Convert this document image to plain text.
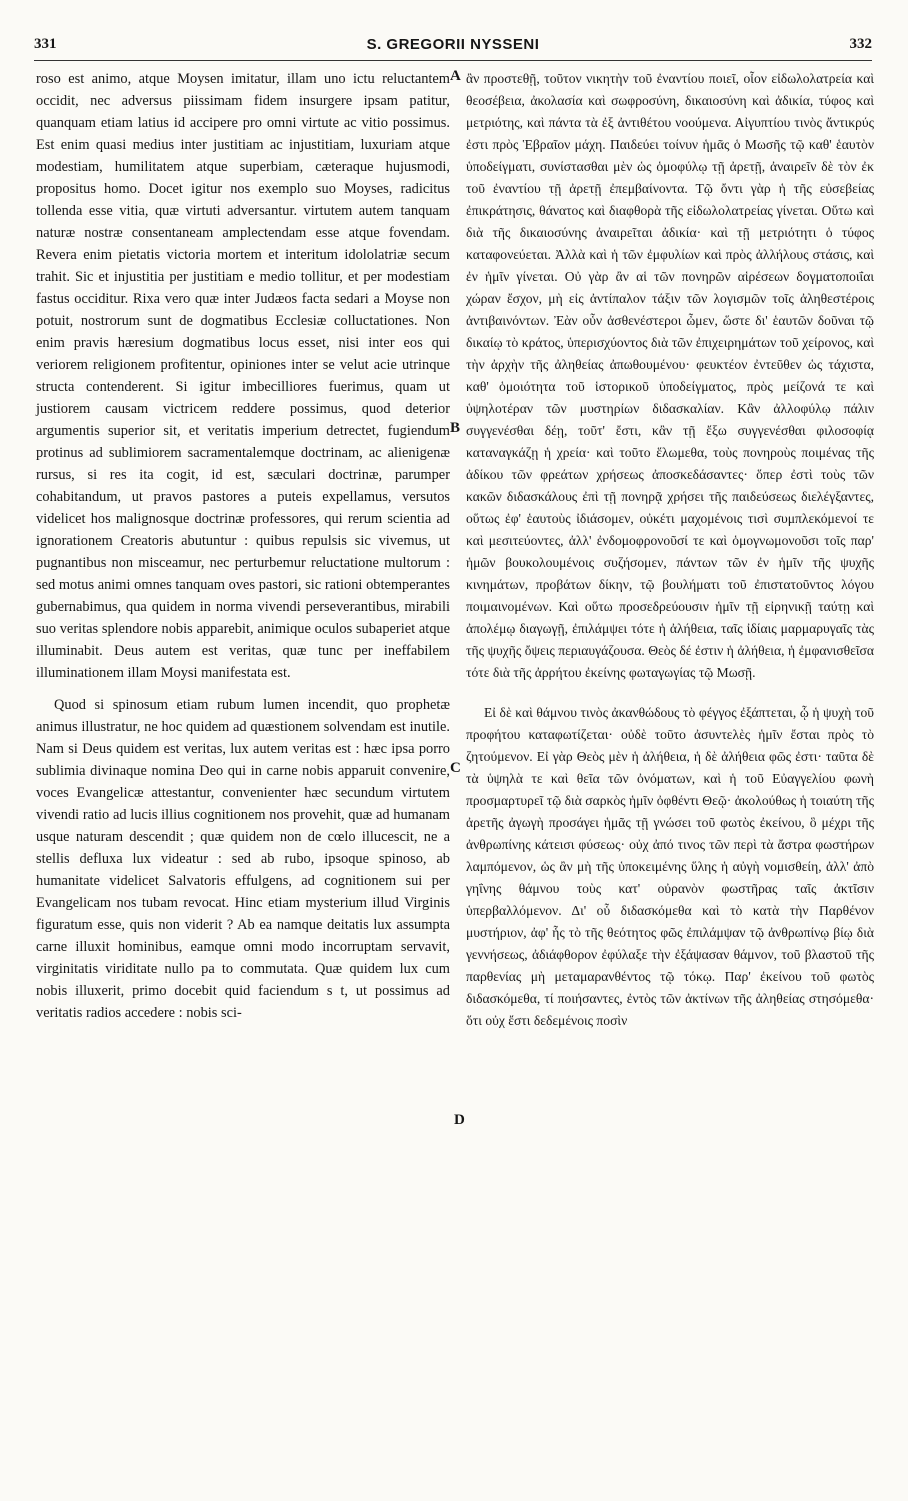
331	S. GREGORII NYSSENI	332

roso est animo, atque Moysen imitatur, illam uno ictu reluctantem occidit, nec adversus piissimam fidem insurgere ipsam patitur, quanquam etiam latius id accipere pro omni virtute ac vitio possimus. Est enim quasi medius inter justitiam ac injustitiam, luxuriam atque modestiam, humilitatem atque superbiam, cæteraque hujusmodi, propositus homo. Docet igitur nos exemplo suo Moyses, radicitus tollenda esse vitia, quæ virtuti adversantur. virtutem autem tanquam naturæ nostræ consentaneam amplectendam esse atque fovendam. Revera enim pietatis victoria mortem et interitum idololatriæ secum trahit. Sic et injustitia per justitiam e medio tollitur, et per modestiam fastus occiditur. Rixa vero quæ inter Judæos facta sedari a Moyse non potuit, nostrorum sunt de dogmatibus Ecclesiæ colluctationes. Non enim pravis hæresium dogmatibus locus esset, nisi inter eos qui veriorem religionem profitentur, opiniones inter se velut acie utrinque structa contenderent. Si igitur imbecilliores fuerimus, quam ut justiorem causam victricem reddere possimus, quod deterior argumentis superior sit, et veritatis imperium detrectet, fugiendum protinus ad sublimiorem sacramentalemque doctrinam, ac alienigenæ rursus, si res ita cogit, id est, sæculari doctrinæ, parumper cohabitandum, ut pravos pastores a puteis expellamus, versutos videlicet hos malignosque doctrinæ professores, qui rerum scientia ad ignorationem Creatoris abutuntur : quibus repulsis sic vivemus, ut pugnantibus non misceamur, nec perturbemur reluctatione multorum : sed motus animi omnes tanquam oves pastori, sic rationi obtemperantes gubernabimus, qua quidem in norma vivendi perseverantibus, mirabili suo veritas splendore nobis apparebit, animique oculos subaperiet atque illuminabit. Deus autem est veritas, quæ tunc per ineffabilem illuminationem illam Moysi manifestata est.

Quod si spinosum etiam rubum lumen incendit, quo prophetæ animus illustratur, ne hoc quidem ad quæstionem solvendam est inutile. Nam si Deus quidem est veritas, lux autem veritas est : hæc ipsa porro sublimia divinaque nomina Deo qui in carne nobis apparuit convenire, voces Evangelicæ attestantur, convenienter hæc secundum virtutem vivendi ratio ad lucis illius cognitionem nos provehit, quæ ad humanam usque naturam descendit ; quæ quidem non de cœlo illucescit, ne a stellis defluxa lux videatur : sed ab rubo, ipsoque spinoso, ab humanitate videlicet Salvatoris effulgens, ad cognitionem sui per Evangelicam nos tubam revocat. Hinc etiam mysterium illud Virginis figuratum esse, quis non viderit ? Ab ea namque deitatis lux assumpta carne illuxit hominibus, eamque omni modo incorruptam servavit, virginitatis viriditate nullo pa to commutata. Quæ quidem lux cum nobis illuxerit, primo docebit quid faciendum s t, ut possimus ad veritatis radios accedere : nobis sci-

A
B
C
D

ἂν προστεθῇ, τοῦτον νικητὴν τοῦ ἐναντίου ποιεῖ, οἷον εἰδωλολατρεία καὶ θεοσέβεια, ἀκολασία καὶ σωφροσύνη, δικαιοσύνη καὶ ἀδικία, τύφος καὶ μετριότης, καὶ πάντα τὰ ἐξ ἀντιθέτου νοούμενα. Αἰγυπτίου τινὸς ἄντικρύς ἐστι πρὸς Ἑβραῖον μάχη. Παιδεύει τοίνυν ἡμᾶς ὁ Μωσῆς τῷ καθ' ἑαυτὸν ὑποδείγματι, συνίστασθαι μὲν ὡς ὁμοφύλῳ τῇ ἀρετῇ, ἀναιρεῖν δὲ τὸν ἐκ τοῦ ἐναντίου τῇ ἀρετῇ ἐπεμβαίνοντα. Τῷ ὄντι γὰρ ἡ τῆς εὐσεβείας ἐπικράτησις, θάνατος καὶ διαφθορὰ τῆς εἰδωλολατρείας γίνεται. Οὕτω καὶ διὰ τῆς δικαιοσύνης ἀναιρεῖται ἀδικία· καὶ τῇ μετριότητι ὁ τύφος καταφονεύεται. Ἀλλὰ καὶ ἡ τῶν ἐμφυλίων καὶ πρὸς ἀλλήλους στάσις, καὶ ἐν ἡμῖν γίνεται. Οὐ γὰρ ἂν αἱ τῶν πονηρῶν αἱρέσεων δογματοποιΐαι χώραν ἔσχον, μὴ εἰς ἀντίπαλον τάξιν τῶν λογισμῶν τοῖς ἀληθεστέροις ἀντιβαινόντων. Ἐὰν οὖν ἀσθενέστεροι ὦμεν, ὥστε δι' ἑαυτῶν δοῦναι τῷ δικαίῳ τὸ κράτος, ὑπερισχύοντος διὰ τῶν ἐπιχειρημάτων τοῦ χείρονος, καὶ τὴν ἀρχὴν τῆς ἀληθείας ἀπωθουμένου· φευκτέον ἐντεῦθεν ὡς τάχιστα, καθ' ὁμοιότητα τοῦ ἱστορικοῦ ὑποδείγματος, πρὸς μείζονά τε καὶ ὑψηλοτέραν τῶν μυστηρίων διδασκαλίαν. Κἂν ἀλλοφύλῳ πάλιν συγγενέσθαι δέῃ, τοῦτ' ἔστι, κἂν τῇ ἔξω συγγενέσθαι φιλοσοφίᾳ καταναγκάζῃ ἡ χρεία· καὶ τοῦτο ἕλωμεθα, τοὺς πονηροὺς ποιμένας τῆς ἀδίκου τῶν φρεάτων χρήσεως ἀποσκεδάσαντες· ὅπερ ἐστὶ τοὺς τῶν κακῶν διδασκάλους ἐπὶ τῇ πονηρᾷ χρήσει τῆς παιδεύσεως διελέγξαντες, οὕτως ἐφ' ἑαυτοὺς ἰδιάσομεν, οὐκέτι μαχομένοις τισὶ συμπλεκόμενοί τε καὶ μεσιτεύοντες, ἀλλ' ἐνδομοφρονοῦσί τε καὶ ὁμογνωμονοῦσι τοῖς παρ' ἡμῶν βουκολουμένοις συζήσομεν, πάντων τῶν ἐν ἡμῖν τῆς ψυχῆς κινημάτων, προβάτων δίκην, τῷ βουλήματι τοῦ ἐπιστατοῦντος λόγου ποιμαινομένων. Καὶ οὕτω προσεδρεύουσιν ἡμῖν τῇ εἰρηνικῇ ταύτῃ καὶ ἀπολέμῳ διαγωγῇ, ἐπιλάμψει τότε ἡ ἀλήθεια, ταῖς ἰδίαις μαρμαρυγαῖς τὰς τῆς ψυχῆς ὄψεις περιαυγάζουσα. Θεὸς δέ ἐστιν ἡ ἀλήθεια, ἡ ἐμφανισθεῖσα τότε διὰ τῆς ἀρρήτου ἐκείνης φωταγωγίας τῷ Μωσῇ.

Εἰ δὲ καὶ θάμνου τινὸς ἀκανθώδους τὸ φέγγος ἐξάπτεται, ᾧ ἡ ψυχὴ τοῦ προφήτου καταφωτίζεται· οὐδὲ τοῦτο ἀσυντελὲς ἡμῖν ἔσται πρὸς τὸ ζητούμενον. Εἰ γὰρ Θεὸς μὲν ἡ ἀλήθεια, ἡ δὲ ἀλήθεια φῶς ἐστι· ταῦτα δὲ τὰ ὑψηλὰ τε καὶ θεῖα τῶν ὀνόματων, καὶ ἡ τοῦ Εὐαγγελίου φωνὴ προσμαρτυρεῖ τῷ διὰ σαρκὸς ἡμῖν ὀφθέντι Θεῷ· ἀκολούθως ἡ τοιαύτη τῆς ἀρετῆς ἀγωγὴ προσάγει ἡμᾶς τῇ γνώσει τοῦ φωτὸς ἐκείνου, ὃ μέχρι τῆς ἀνθρωπίνης κάτεισι φύσεως· οὐχ ἀπό τινος τῶν περὶ τὰ ἄστρα φωστήρων λαμπόμενον, ὡς ἂν μὴ τῆς ὑποκειμένης ὕλης ἡ αὐγὴ νομισθείη, ἀλλ' ἀπὸ γηΐνης θάμνου τοὺς κατ' οὐρανὸν φωστῆρας ταῖς ἀκτῖσιν ὑπερβαλλόμενον. Δι' οὗ διδασκόμεθα καὶ τὸ κατὰ τὴν Παρθένον μυστήριον, ἀφ' ἧς τὸ τῆς θεότητος φῶς ἐπιλάμψαν τῷ ἀνθρωπίνῳ βίῳ διὰ γεννήσεως, ἀδιάφθορον ἐφύλαξε τὴν ἐξάψασαν θάμνον, τοῦ βλαστοῦ τῆς παρθενίας μὴ μεταμαρανθέντος τῷ τόκῳ. Παρ' ἐκείνου τοῦ φωτὸς διδασκόμεθα, τί ποιήσαντες, ἐντὸς τῶν ἀκτίνων τῆς ἀληθείας στησόμεθα· ὅτι οὐχ ἔστι δεδεμένοις ποσὶν
